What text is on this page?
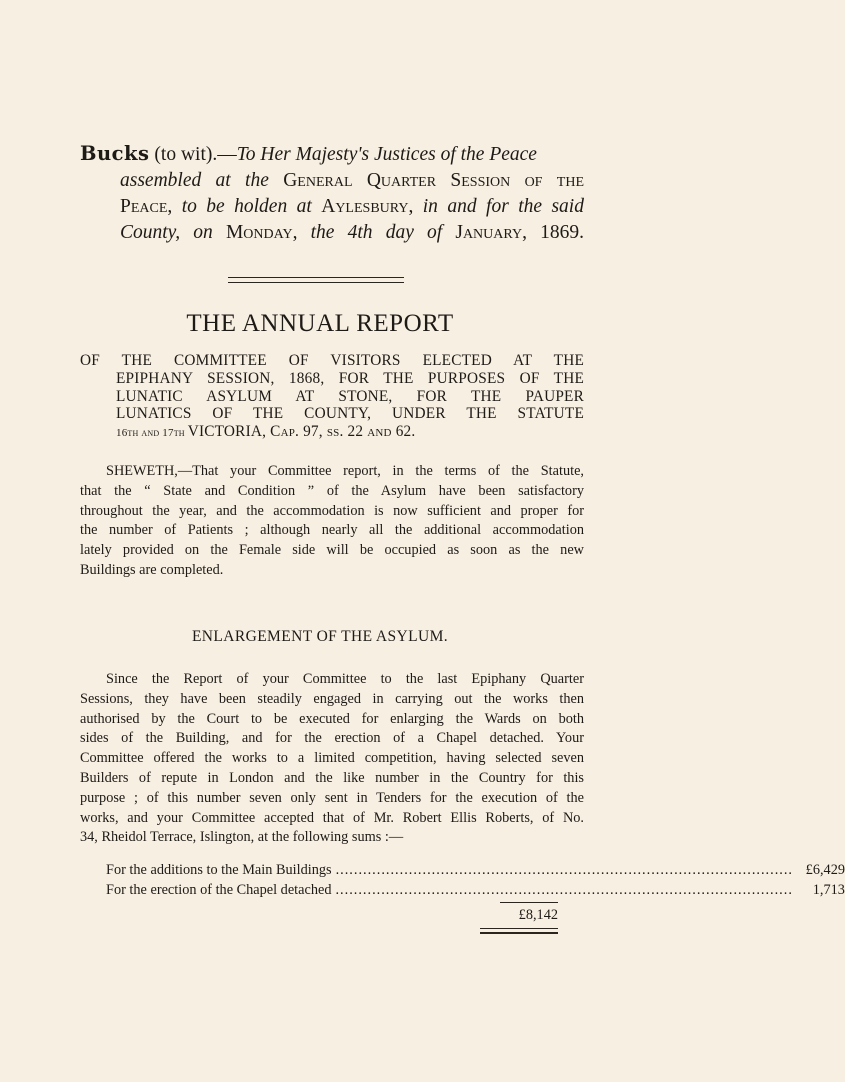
Bucks (to wit).—To Her Majesty's Justices of the Peace

assembled at the General Quarter Session of the

Peace, to be holden at Aylesbury, in and for the said

County, on Monday, the 4th day of January, 1869.

THE ANNUAL REPORT

OF THE COMMITTEE OF VISITORS ELECTED AT THE

EPIPHANY SESSION, 1868, FOR THE PURPOSES OF THE

LUNATIC ASYLUM AT STONE, FOR THE PAUPER

LUNATICS OF THE COUNTY, UNDER THE STATUTE

16th and 17th VICTORIA, Cap. 97, ss. 22 and 62.

SHEWETH,—That your Committee report, in the terms of the Statute,

that the “ State and Condition ” of the Asylum have been satisfactory

throughout the year, and the accommodation is now sufficient and proper for

the number of Patients ; although nearly all the additional accommodation

lately provided on the Female side will be occupied as soon as the new

Buildings are completed.

ENLARGEMENT OF THE ASYLUM.

Since the Report of your Committee to the last Epiphany Quarter

Sessions, they have been steadily engaged in carrying out the works then

authorised by the Court to be executed for enlarging the Wards on both

sides of the Building, and for the erection of a Chapel detached. Your

Committee offered the works to a limited competition, having selected seven

Builders of repute in London and the like number in the Country for this

purpose ; of this number seven only sent in Tenders for the execution of the

works, and your Committee accepted that of Mr. Robert Ellis Roberts, of No.

34, Rheidol Terrace, Islington, at the following sums :—

For the additions to the Main Buildings .................................................................................................... £6,429
For the erection of the Chapel detached ....................................................................................................	1,713
£8,142
